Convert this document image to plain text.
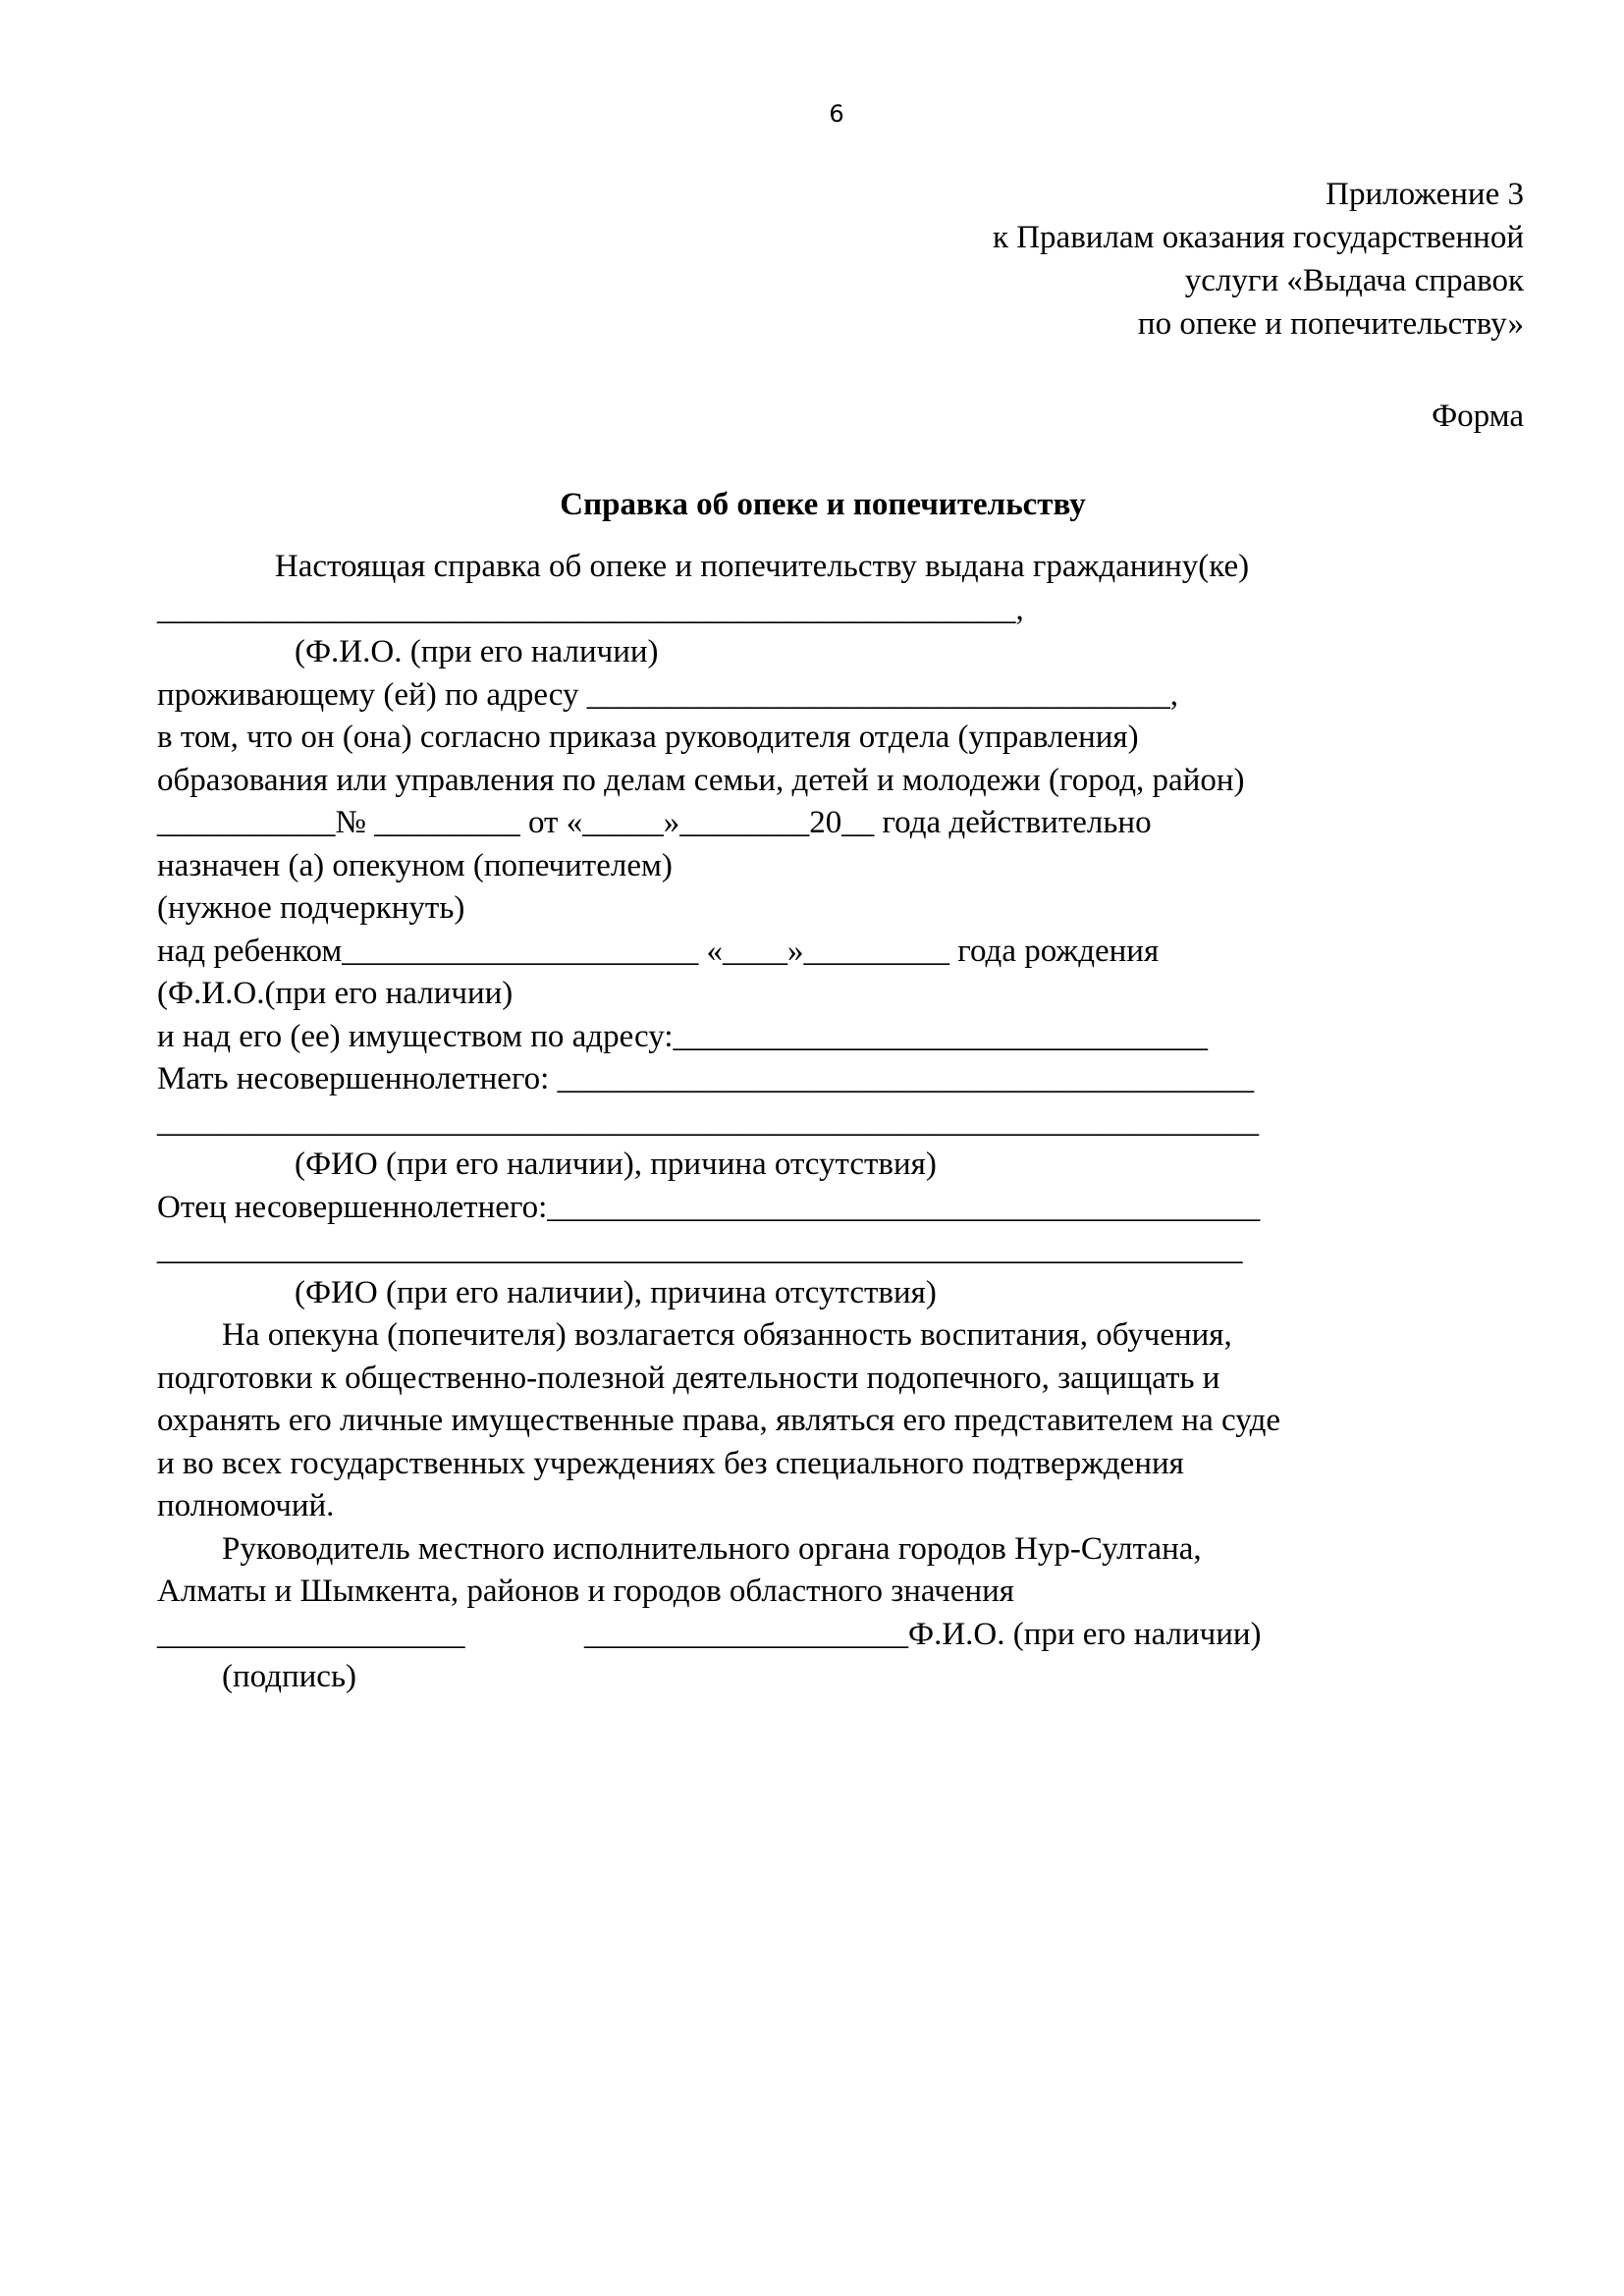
6
Приложение 3
к Правилам оказания государственной
услуги «Выдача справок
по опеке и попечительству»
Форма
Справка об опеке и попечительству
Настоящая справка об опеке и попечительству выдана гражданину(ке)
_____________________________________________________,
(Ф.И.О. (при его наличии)
проживающему (ей) по адресу ____________________________________,
в том, что он (она) согласно приказа руководителя отдела (управления)
образования или управления по делам семьи, детей и молодежи (город, район)
___________№ _________ от «_____»________20__ года действительно
назначен (а) опекуном (попечителем)
(нужное подчеркнуть)
над ребенком______________________ «____»_________ года рождения
(Ф.И.О.(при его наличии)
и над его (ее) имуществом по адресу:_________________________________
Мать несовершеннолетнего: ___________________________________________
____________________________________________________________________
(ФИО (при его наличии), причина отсутствия)
Отец несовершеннолетнего:____________________________________________
___________________________________________________________________
(ФИО (при его наличии), причина отсутствия)
На опекуна (попечителя) возлагается обязанность воспитания, обучения,
подготовки к общественно-полезной деятельности подопечного, защищать и
охранять его личные имущественные права, являться его представителем на суде
и во всех государственных учреждениях без специального подтверждения
полномочий.
Руководитель местного исполнительного органа городов Нур-Султана,
Алматы и Шымкента, районов и городов областного значения
___________________	____________________Ф.И.О. (при его наличии)
(подпись)
